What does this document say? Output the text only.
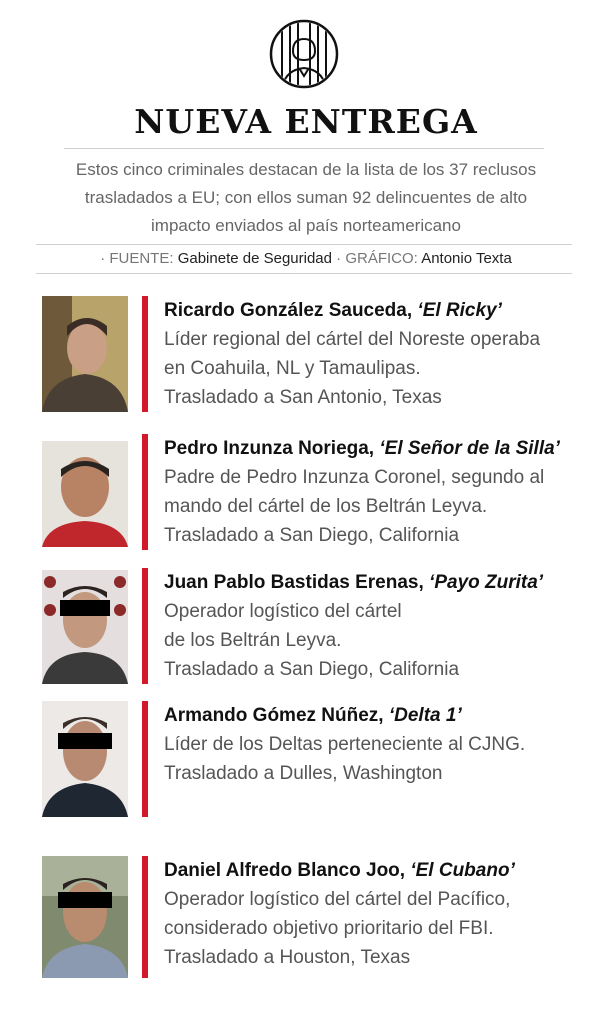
NUEVA ENTREGA
Estos cinco criminales destacan de la lista de los 37 reclusos
trasladados a EU; con ellos suman 92 delincuentes de alto
impacto enviados al país norteamericano
· FUENTE: Gabinete de Seguridad · GRÁFICO: Antonio Texta
Ricardo González Sauceda, ‘El Ricky’
Líder regional del cártel del Noreste operaba
en Coahuila, NL y Tamaulipas.
Trasladado a San Antonio, Texas
Pedro Inzunza Noriega, ‘El Señor de la Silla’
Padre de Pedro Inzunza Coronel, segundo al
mando del cártel de los Beltrán Leyva.
Trasladado a San Diego, California
Juan Pablo Bastidas Erenas, ‘Payo Zurita’
Operador logístico del cártel
de los Beltrán Leyva.
Trasladado a San Diego, California
Armando Gómez Núñez, ‘Delta 1’
Líder de los Deltas perteneciente al CJNG.
Trasladado a Dulles, Washington
Daniel Alfredo Blanco Joo, ‘El Cubano’
Operador logístico del cártel del Pacífico,
considerado objetivo prioritario del FBI.
Trasladado a Houston, Texas
